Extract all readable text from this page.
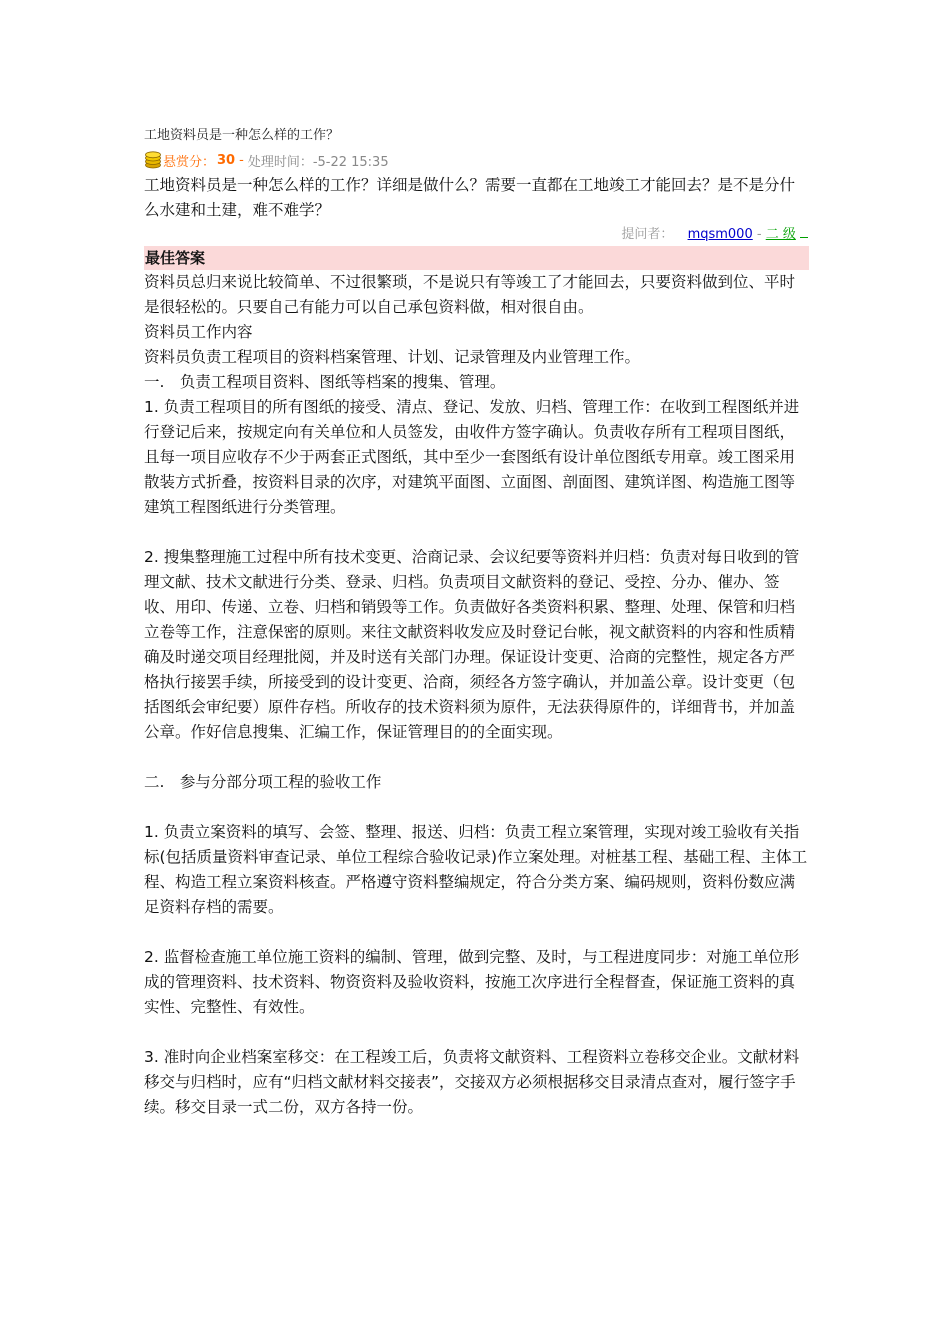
工地资料员是一种怎么样的工作？
悬赏分： 30 - 处理时间：-5-22 15:35
工地资料员是一种怎么样的工作？详细是做什么？需要一直都在工地竣工才能回去？是不是分什么水建和土建，难不难学？
提问者： mqsm000 - 二 级
最佳答案

资料员总归来说比较简单、不过很繁琐，不是说只有等竣工了才能回去，只要资料做到位、平时是很轻松的。只要自己有能力可以自己承包资料做，相对很自由。

资料员工作内容

资料员负责工程项目的资料档案管理、计划、记录管理及内业管理工作。

一.　负责工程项目资料、图纸等档案的搜集、管理。

1. 负责工程项目的所有图纸的接受、清点、登记、发放、归档、管理工作：在收到工程图纸并进行登记后来，按规定向有关单位和人员签发，由收件方签字确认。负责收存所有工程项目图纸，且每一项目应收存不少于两套正式图纸，其中至少一套图纸有设计单位图纸专用章。竣工图采用散装方式折叠，按资料目录的次序，对建筑平面图、立面图、剖面图、建筑详图、构造施工图等建筑工程图纸进行分类管理。

2. 搜集整理施工过程中所有技术变更、洽商记录、会议纪要等资料并归档：负责对每日收到的管理文献、技术文献进行分类、登录、归档。负责项目文献资料的登记、受控、分办、催办、签收、用印、传递、立卷、归档和销毁等工作。负责做好各类资料积累、整理、处理、保管和归档立卷等工作，注意保密的原则。来往文献资料收发应及时登记台帐，视文献资料的内容和性质精确及时递交项目经理批阅，并及时送有关部门办理。保证设计变更、洽商的完整性，规定各方严格执行接罢手续，所接受到的设计变更、洽商，须经各方签字确认，并加盖公章。设计变更（包括图纸会审纪要）原件存档。所收存的技术资料须为原件，无法获得原件的，详细背书，并加盖公章。作好信息搜集、汇编工作，保证管理目的的全面实现。

二.　参与分部分项工程的验收工作

1. 负责立案资料的填写、会签、整理、报送、归档：负责工程立案管理，实现对竣工验收有关指标(包括质量资料审查记录、单位工程综合验收记录)作立案处理。对桩基工程、基础工程、主体工程、构造工程立案资料核查。严格遵守资料整编规定，符合分类方案、编码规则，资料份数应满足资料存档的需要。

2. 监督检查施工单位施工资料的编制、管理，做到完整、及时，与工程进度同步：对施工单位形成的管理资料、技术资料、物资资料及验收资料，按施工次序进行全程督查，保证施工资料的真实性、完整性、有效性。

3. 准时向企业档案室移交：在工程竣工后，负责将文献资料、工程资料立卷移交企业。文献材料移交与归档时，应有“归档文献材料交接表”，交接双方必须根据移交目录清点查对，履行签字手续。移交目录一式二份，双方各持一份。
